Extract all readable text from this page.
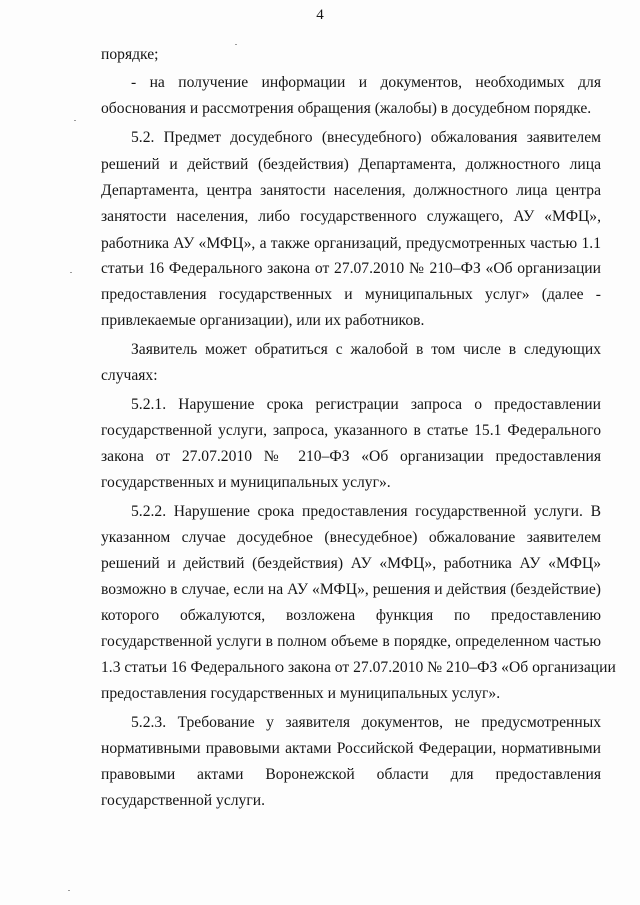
4
порядке;
- на получение информации и документов, необходимых для
обоснования и рассмотрения обращения (жалобы) в досудебном порядке.
5.2. Предмет досудебного (внесудебного) обжалования заявителем
решений и действий (бездействия) Департамента, должностного лица
Департамента, центра занятости населения, должностного лица центра
занятости населения, либо государственного служащего, АУ «МФЦ»,
работника АУ «МФЦ», а также организаций, предусмотренных частью 1.1
статьи 16 Федерального закона от 27.07.2010 № 210–ФЗ «Об организации
предоставления государственных и муниципальных услуг» (далее -
привлекаемые организации), или их работников.
Заявитель может обратиться с жалобой в том числе в следующих
случаях:
5.2.1. Нарушение срока регистрации запроса о предоставлении
государственной услуги, запроса, указанного в статье 15.1 Федерального
закона от 27.07.2010 № 210–ФЗ «Об организации предоставления
государственных и муниципальных услуг».
5.2.2. Нарушение срока предоставления государственной услуги. В
указанном случае досудебное (внесудебное) обжалование заявителем
решений и действий (бездействия) АУ «МФЦ», работника АУ «МФЦ»
возможно в случае, если на АУ «МФЦ», решения и действия (бездействие)
которого обжалуются, возложена функция по предоставлению
государственной услуги в полном объеме в порядке, определенном частью
1.3 статьи 16 Федерального закона от 27.07.2010 № 210–ФЗ «Об организации
предоставления государственных и муниципальных услуг».
5.2.3. Требование у заявителя документов, не предусмотренных
нормативными правовыми актами Российской Федерации, нормативными
правовыми актами Воронежской области для предоставления
государственной услуги.
